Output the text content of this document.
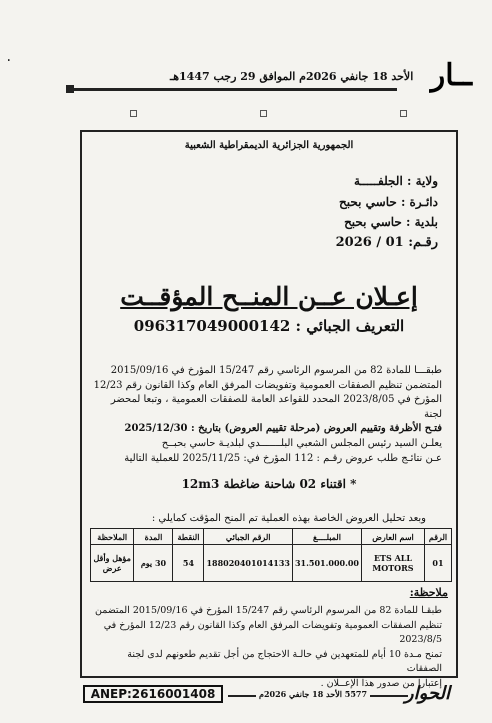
٠
الأحد 18 جانفي 2026م الموافق 29 رجب 1447هـ ــار
الجمهورية الجزائرية الديمقراطية الشعبية
ولاية : الجلفـــــة
دائـرة : حاسي بحبح
بلدية : حاسي بحبح
رقـم: 01 / 2026
إعـلان عــن المنــح المؤقــت
التعريف الجبائي : 096317049000142
طبقـــا للمادة 82 من المرسوم الرئاسي رقم 15/247 المؤرخ في 2015/09/16
المتضمن تنظيم الصفقات العمومية وتفويضات المرفق العام وكذا القانون رقم 12/23
المؤرخ في 2023/8/05 المحدد للقواعد العامة للصفقات العمومية ، وتبعا لمحضر لجنة
فتـح الأظرفة وتقييم العروض (مرحلة تقييم العروض) بتاريخ : 2025/12/30
يعلـن السيد رئيس المجلس الشعبي البلـــــــدي لبلديـة حاسي بحبــح
عـن نتائـج طلب عروض رقـم : 112 المؤرخ في: 2025/11/25 للعملية التالية
* اقتناء 02 شاحنة ضاغطة 12m3
وبعد تحليل العروض الخاصة بهذه العملية تم المنح المؤقت كمايلي :
الرقم	اسم العارض	المبلــــغ	الرقم الجبائي	النقطة	المدة	الملاحظة
01	ETS ALL MOTORS	31.501.000.00	188020401014133	54	30 يوم	مؤهل وأقل عرض
ملاحظة:
طبقـا للمادة 82 من المرسوم الرئاسي رقم 15/247 المؤرخ في 2015/09/16 المتضمن
تنظيم الصفقات العمومية وتفويضات المرفق العام وكذا القانون رقم 12/23 المؤرخ في 2023/8/5
تمنح مـدة 10 أيام للمتعهدين في حالـة الاحتجاج من أجل تقديم طعونهم لدى لجنة الصفقات
إعتبارا من صدور هذا الإعــلان .
ANEP:2616001408	5577 الأحد 18 جانفي 2026م الحوار
